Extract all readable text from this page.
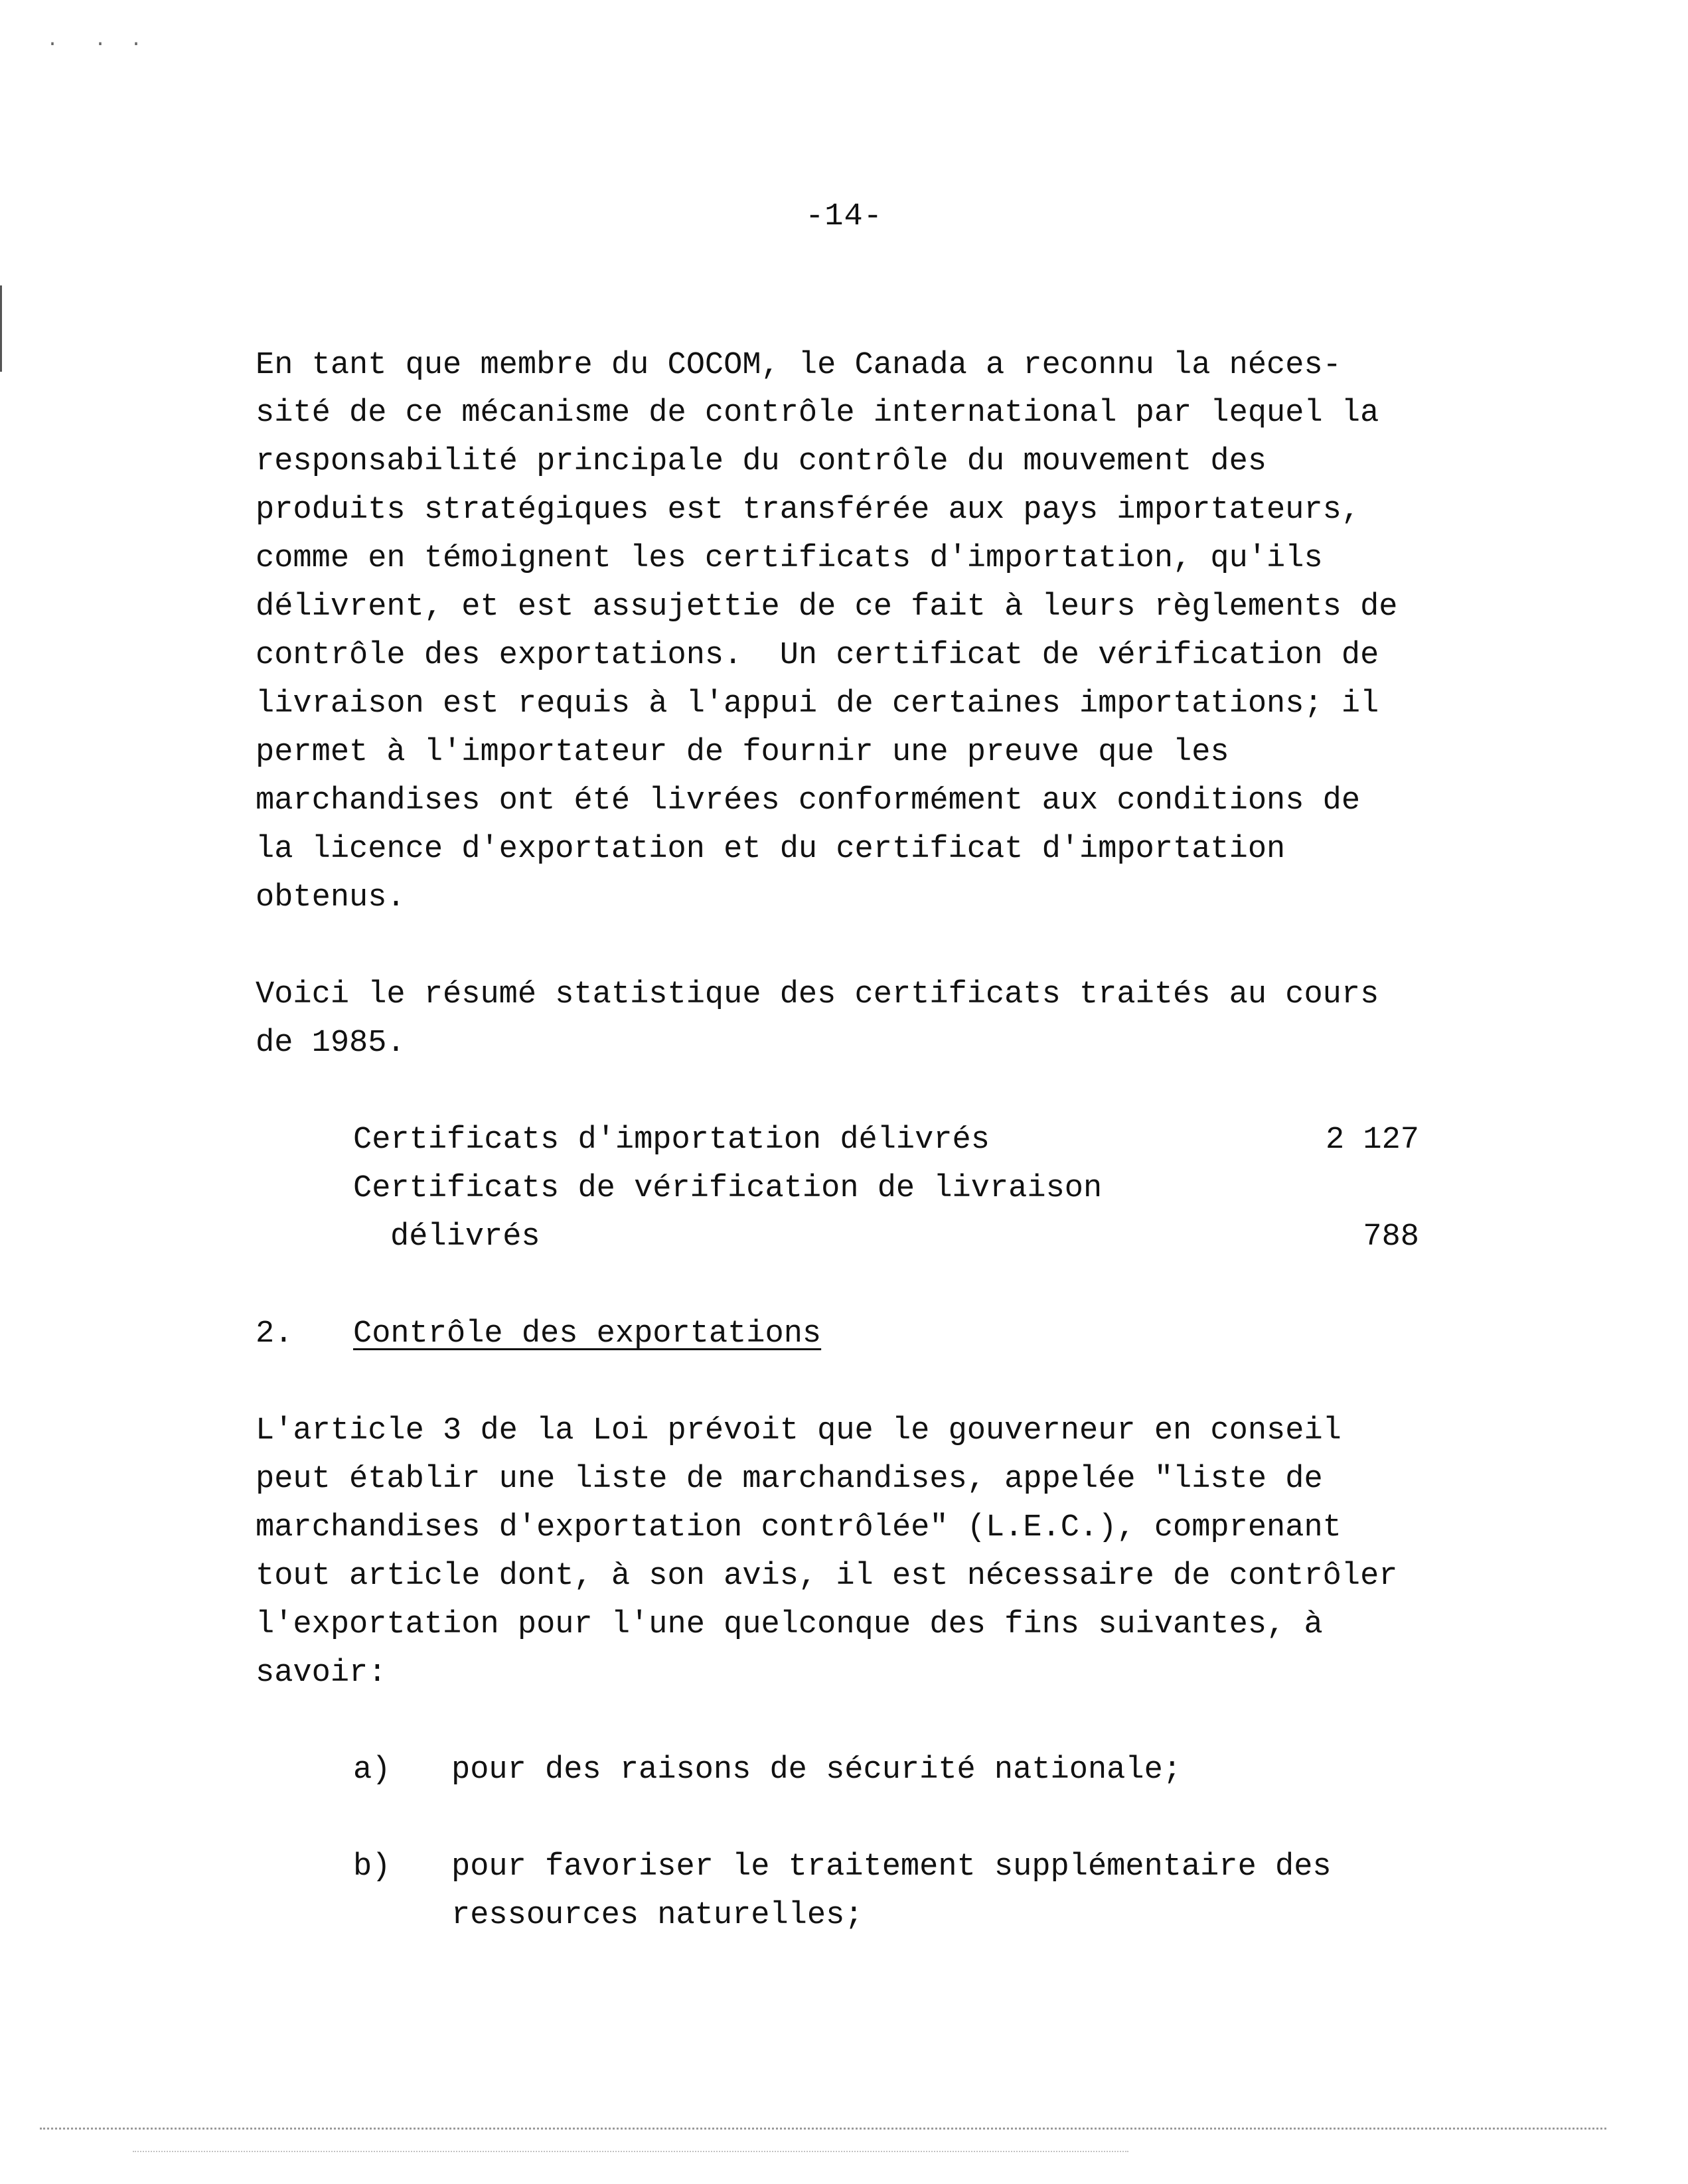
·   ·  ·
-14-
En tant que membre du COCOM, le Canada a reconnu la néces-
sité de ce mécanisme de contrôle international par lequel la
responsabilité principale du contrôle du mouvement des
produits stratégiques est transférée aux pays importateurs,
comme en témoignent les certificats d'importation, qu'ils
délivrent, et est assujettie de ce fait à leurs règlements de
contrôle des exportations.  Un certificat de vérification de
livraison est requis à l'appui de certaines importations; il
permet à l'importateur de fournir une preuve que les
marchandises ont été livrées conformément aux conditions de
la licence d'exportation et du certificat d'importation
obtenus.
Voici le résumé statistique des certificats traités au cours
de 1985.
Certificats d'importation délivrés	2 127
Certificats de vérification de livraison
délivrés	788
2. Contrôle des exportations
L'article 3 de la Loi prévoit que le gouverneur en conseil
peut établir une liste de marchandises, appelée "liste de
marchandises d'exportation contrôlée" (L.E.C.), comprenant
tout article dont, à son avis, il est nécessaire de contrôler
l'exportation pour l'une quelconque des fins suivantes, à
savoir:
a) pour des raisons de sécurité nationale;
b) pour favoriser le traitement supplémentaire des
ressources naturelles;
